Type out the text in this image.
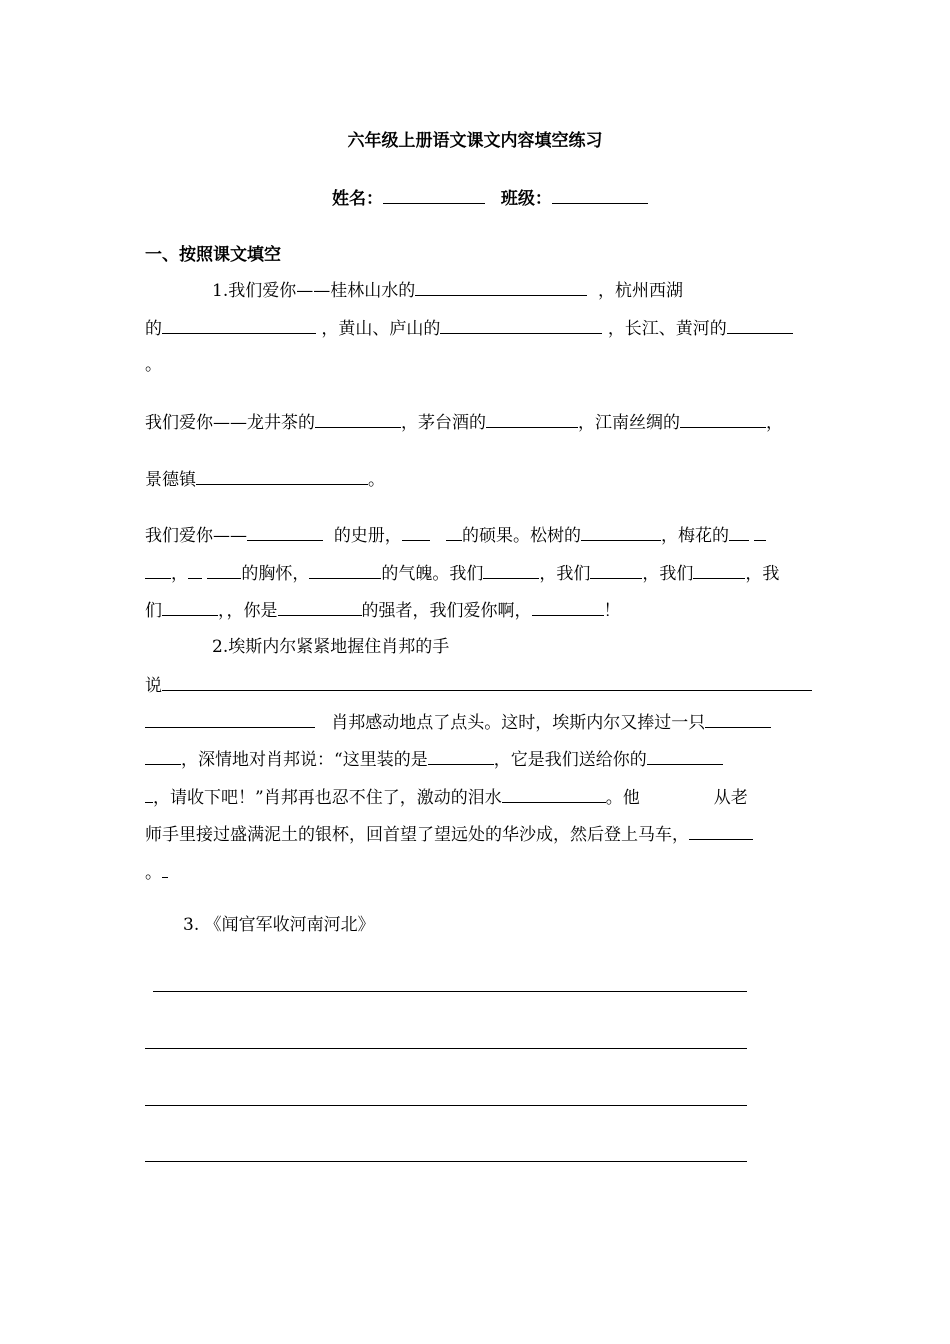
六年级上册语文课文内容填空练习
姓名：	班级：
一、按照课文填空
1.我们爱你——桂林山水的	，杭州西湖
的	，黄山、庐山的	，长江、黄河的
。
我们爱你——龙井茶的	，茅台酒的	，江南丝绸的	，
景德镇	。
我们爱你——	的史册，	的硕果。松树的	，梅花的
，	的胸怀，	的气魄。我们	，我们	，我们	，我
们	，，你是	的强者，我们爱你啊，	！
2.埃斯内尔紧紧地握住肖邦的手
说
肖邦感动地点了点头。这时，埃斯内尔又捧过一只
，深情地对肖邦说：“这里装的是	，它是我们送给你的
，请收下吧！”肖邦再也忍不住了，激动的泪水	。他	从老
师手里接过盛满泥土的银杯，回首望了望远处的华沙成，然后登上马车，
。
3. 《闻官军收河南河北》
